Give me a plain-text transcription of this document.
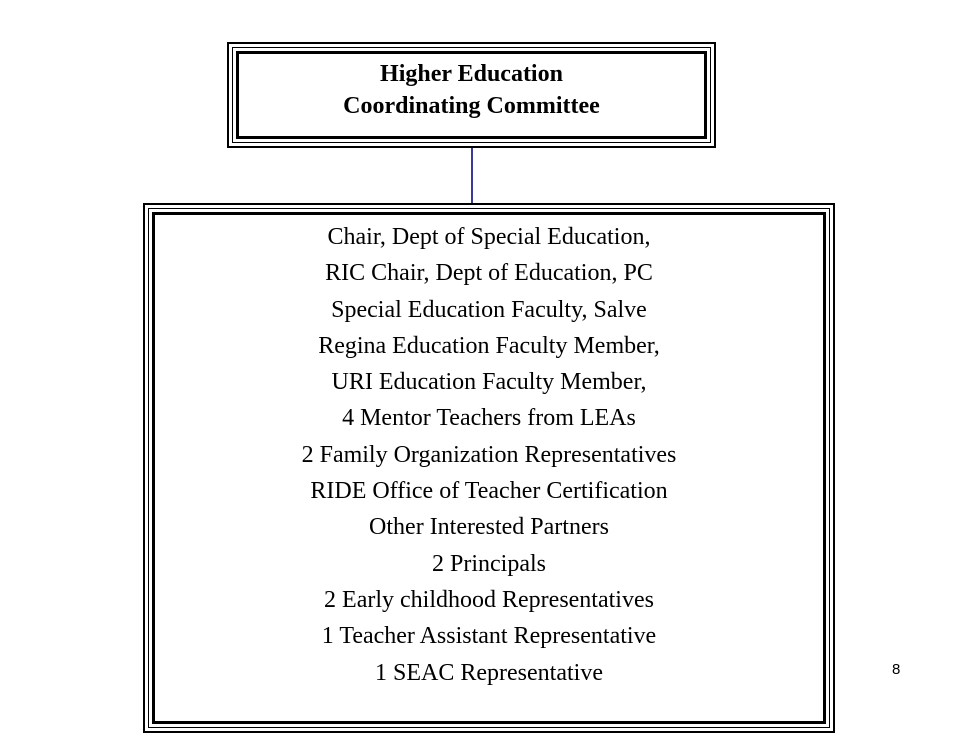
Higher Education
Coordinating Committee
Chair, Dept of Special Education,
RIC Chair, Dept of Education, PC
Special Education Faculty, Salve
Regina Education Faculty Member,
URI Education Faculty Member,
4 Mentor Teachers from LEAs
2 Family Organization Representatives
RIDE Office of Teacher Certification
Other Interested Partners
2 Principals
2 Early childhood Representatives
1 Teacher Assistant Representative
1 SEAC Representative	8
